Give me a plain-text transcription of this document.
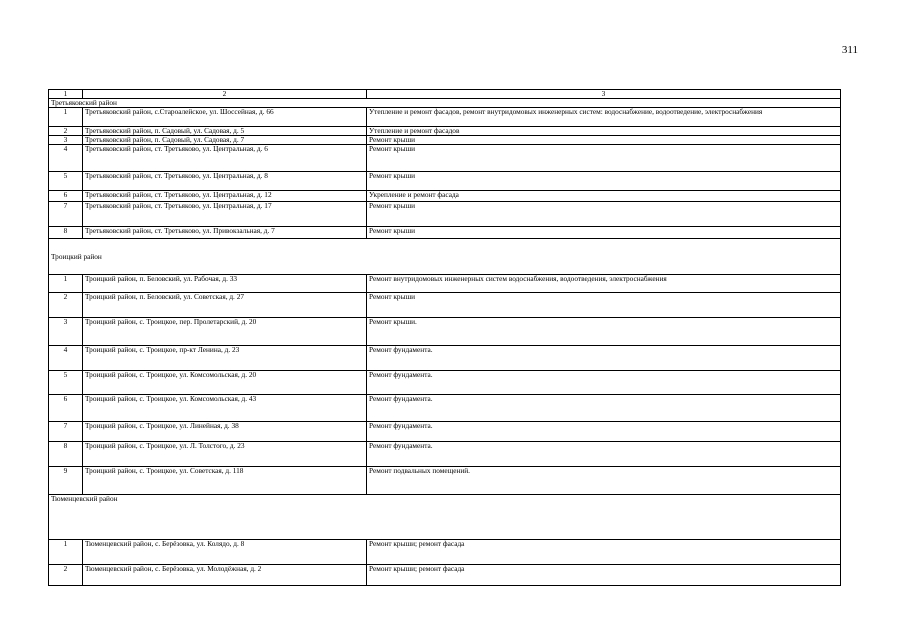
311
1	2	3
Третьяковский район		
1	Третьяковский район, с.Староалейское, ул. Шоссейная, д. 66	Утепление и ремонт фасадов, ремонт внутридомовых инженерных систем: водоснабжение, водоотведение, электроснабжения
2	Третьяковский район, п. Садовый, ул. Садовая, д. 5	Утепление и ремонт фасадов
3	Третьяковский район, п. Садовый, ул. Садовая, д. 7	Ремонт крыши
4	Третьяковский район, ст. Третьяково, ул. Центральная, д. 6	Ремонт крыши
5	Третьяковский район, ст. Третьяково, ул. Центральная, д. 8	Ремонт крыши
6	Третьяковский район, ст. Третьяково, ул. Центральная, д. 12	Укрепление и ремонт фасада
7	Третьяковский район, ст. Третьяково, ул. Центральная, д. 17	Ремонт крыши
8	Третьяковский район, ст. Третьяково, ул. Привокзальная, д. 7	Ремонт крыши
Троицкий район		
1	Троицкий район, п. Беловский, ул. Рабочая, д. 33	Ремонт внутридомовых инженерных систем водоснабжения, водоотведения, электроснабжения
2	Троицкий район, п. Беловский, ул. Советская, д. 27	Ремонт крыши
3	Троицкий район, с. Троицкое, пер. Пролетарский, д. 20	Ремонт крыши.
4	Троицкий район, с. Троицкое, пр-кт Ленина, д. 23	Ремонт фундамента.
5	Троицкий район, с. Троицкое, ул. Комсомольская, д. 20	Ремонт фундамента.
6	Троицкий район, с. Троицкое, ул. Комсомольская, д. 43	Ремонт фундамента.
7	Троицкий район, с. Троицкое, ул. Линейная, д. 38	Ремонт фундамента.
8	Троицкий район, с. Троицкое, ул. Л. Толстого, д. 23	Ремонт фундамента.
9	Троицкий район, с. Троицкое, ул. Советская, д. 118	Ремонт подвальных помещений.
Тюменцевский район		
1	Тюменцевский район, с. Берёзовка, ул. Колядо, д. 8	Ремонт крыши; ремонт фасада
2	Тюменцевский район, с. Берёзовка, ул. Молодёжная, д. 2	Ремонт крыши; ремонт фасада
